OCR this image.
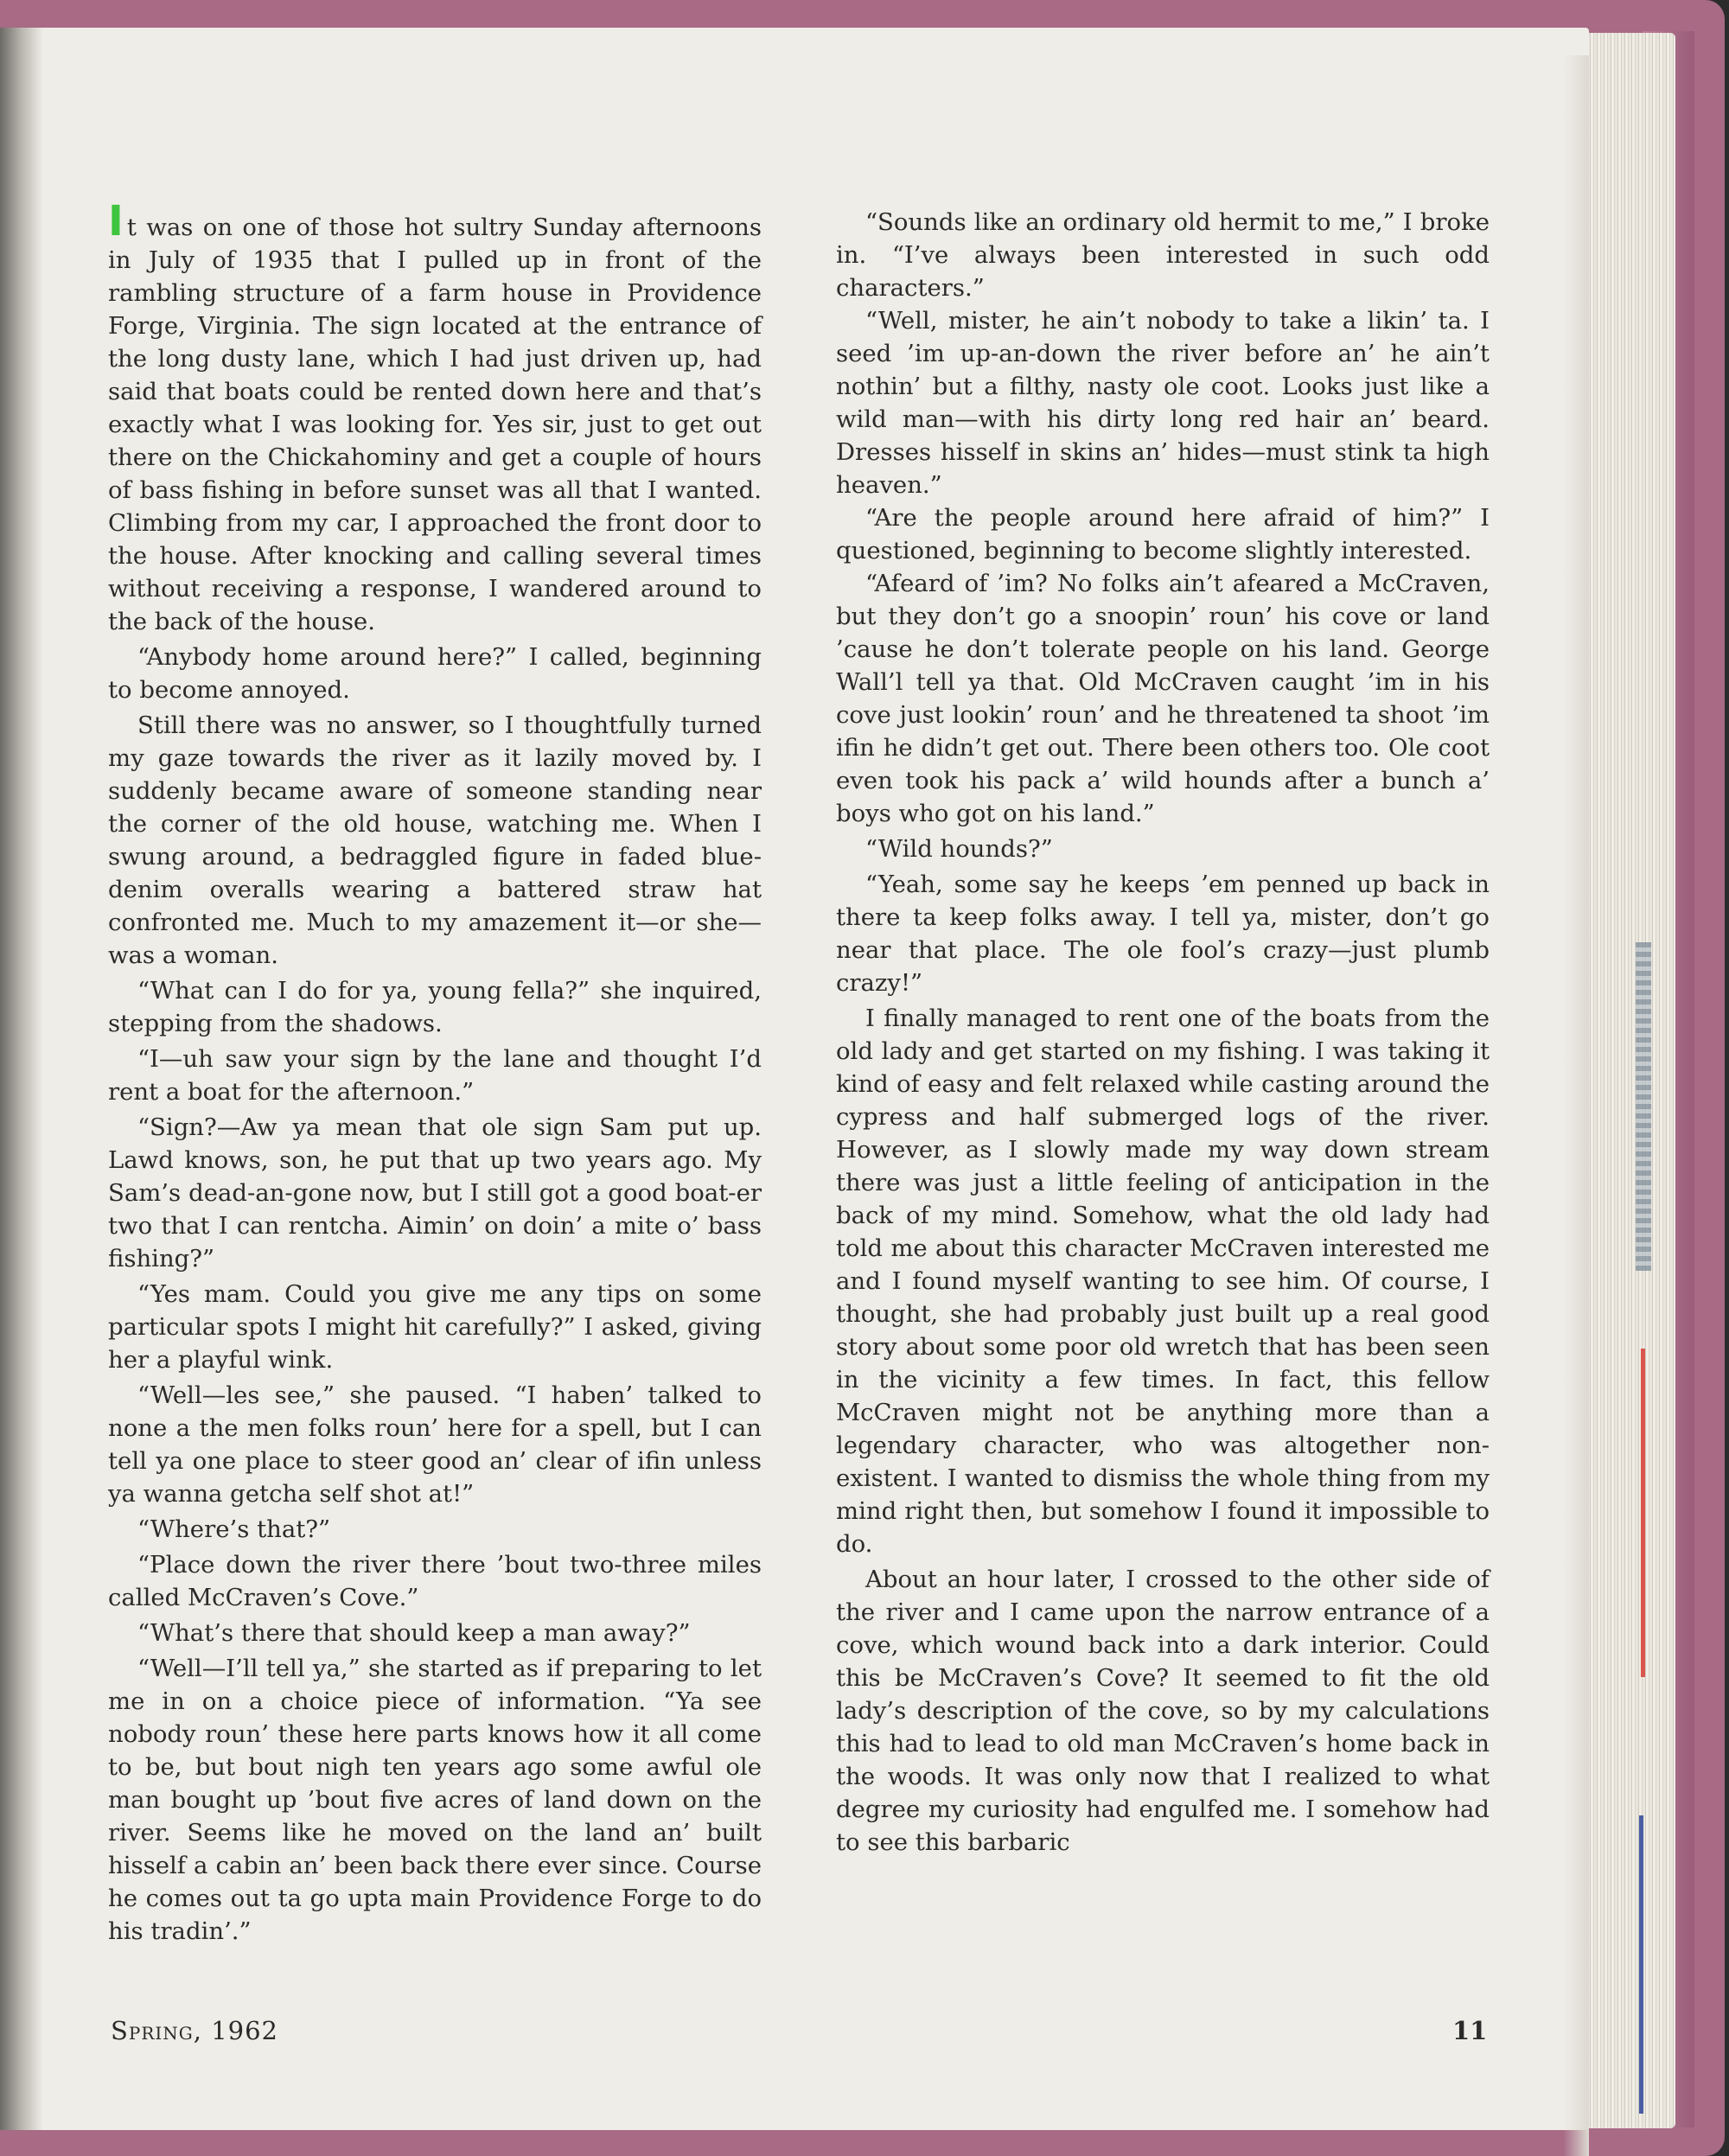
It was on one of those hot sultry Sunday afternoons in July of 1935 that I pulled up in front of the rambling structure of a farm house in Providence Forge, Virginia. The sign located at the entrance of the long dusty lane, which I had just driven up, had said that boats could be rented down here and that’s exactly what I was looking for. Yes sir, just to get out there on the Chickahominy and get a couple of hours of bass fishing in before sunset was all that I wanted. Climbing from my car, I approached the front door to the house. After knocking and calling several times without receiving a response, I wandered around to the back of the house.

“Anybody home around here?” I called, beginning to become annoyed.

Still there was no answer, so I thoughtfully turned my gaze towards the river as it lazily moved by. I suddenly became aware of someone standing near the corner of the old house, watching me. When I swung around, a bedraggled figure in faded blue-denim overalls wearing a battered straw hat confronted me. Much to my amazement it—or she—was a woman.

“What can I do for ya, young fella?” she inquired, stepping from the shadows.

“I—uh saw your sign by the lane and thought I’d rent a boat for the afternoon.”

“Sign?—Aw ya mean that ole sign Sam put up. Lawd knows, son, he put that up two years ago. My Sam’s dead-an-gone now, but I still got a good boat-er two that I can rentcha. Aimin’ on doin’ a mite o’ bass fishing?”

“Yes mam. Could you give me any tips on some particular spots I might hit carefully?” I asked, giving her a playful wink.

“Well—les see,” she paused. “I haben’ talked to none a the men folks roun’ here for a spell, but I can tell ya one place to steer good an’ clear of ifin unless ya wanna getcha self shot at!”

“Where’s that?”

“Place down the river there ’bout two-three miles called McCraven’s Cove.”

“What’s there that should keep a man away?”

“Well—I’ll tell ya,” she started as if preparing to let me in on a choice piece of information. “Ya see nobody roun’ these here parts knows how it all come to be, but bout nigh ten years ago some awful ole man bought up ’bout five acres of land down on the river. Seems like he moved on the land an’ built hisself a cabin an’ been back there ever since. Course he comes out ta go upta main Providence Forge to do his tradin’.”

“Sounds like an ordinary old hermit to me,” I broke in. “I’ve always been interested in such odd characters.”

“Well, mister, he ain’t nobody to take a likin’ ta. I seed ’im up-an-down the river before an’ he ain’t nothin’ but a filthy, nasty ole coot. Looks just like a wild man—with his dirty long red hair an’ beard. Dresses hisself in skins an’ hides—must stink ta high heaven.”

“Are the people around here afraid of him?” I questioned, beginning to become slightly interested.

“Afeard of ’im? No folks ain’t afeared a McCraven, but they don’t go a snoopin’ roun’ his cove or land ’cause he don’t tolerate people on his land. George Wall’l tell ya that. Old McCraven caught ’im in his cove just lookin’ roun’ and he threatened ta shoot ’im ifin he didn’t get out. There been others too. Ole coot even took his pack a’ wild hounds after a bunch a’ boys who got on his land.”

“Wild hounds?”

“Yeah, some say he keeps ’em penned up back in there ta keep folks away. I tell ya, mister, don’t go near that place. The ole fool’s crazy—just plumb crazy!”

I finally managed to rent one of the boats from the old lady and get started on my fishing. I was taking it kind of easy and felt relaxed while casting around the cypress and half submerged logs of the river. However, as I slowly made my way down stream there was just a little feeling of anticipation in the back of my mind. Somehow, what the old lady had told me about this character McCraven interested me and I found myself wanting to see him. Of course, I thought, she had probably just built up a real good story about some poor old wretch that has been seen in the vicinity a few times. In fact, this fellow McCraven might not be anything more than a legendary character, who was altogether non-existent. I wanted to dismiss the whole thing from my mind right then, but somehow I found it impossible to do.

About an hour later, I crossed to the other side of the river and I came upon the narrow entrance of a cove, which wound back into a dark interior. Could this be McCraven’s Cove? It seemed to fit the old lady’s description of the cove, so by my calculations this had to lead to old man McCraven’s home back in the woods. It was only now that I realized to what degree my curiosity had engulfed me. I somehow had to see this barbaric

Spring, 1962	11
